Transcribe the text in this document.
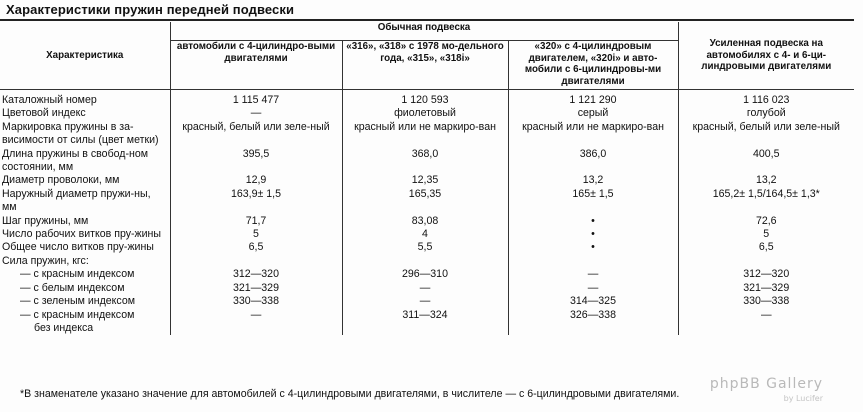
Характеристики пружин передней подвески
Характеристика	Обычная подвеска			Усиленная подвеска на автомобилях с 4- и 6-ци-линдровыми двигателями
	автомобили с 4-цилиндро-выми двигателями	«316», «318» с 1978 мо-дельного года, «315», «318i»	«320» с 4-цилиндровым двигателем, «320i» и авто-мобили с 6-цилиндровы-ми двигателями	

Каталожный номер	1 115 477	1 120 593	1 121 290	1 116 023
Цветовой индекс	—	фиолетовый	серый	голубой
Маркировка пружины в за-висимости от силы (цвет метки)	красный, белый или зеле-ный	красный или не маркиро-ван	красный или не маркиро-ван	красный, белый или зеле-ный
Длина пружины в свобод-ном состоянии, мм	395,5	368,0	386,0	400,5
Диаметр проволоки, мм	12,9	12,35	13,2	13,2
Наружный диаметр пружи-ны, мм	163,9± 1,5	165,35	165± 1,5	165,2± 1,5/164,5± 1,3*
Шаг пружины, мм	71,7	83,08	•	72,6
Число рабочих витков пру-жины	5	4	•	5
Общее число витков пру-жины	6,5	5,5	•	6,5
Сила пружин, кгс:				
— с красным индексом	312—320	296—310	—	312—320
— с белым индексом	321—329	—	—	321—329
— с зеленым индексом	330—338	—	314—325	330—338
— с красным индексом	—	311—324	326—338	—
без индекса				
*В знаменателе указано значение для автомобилей с 4-цилиндровыми двигателями, в числителе — с 6-цилиндровыми двигателями.
phpBB Gallery
by Lucifer
